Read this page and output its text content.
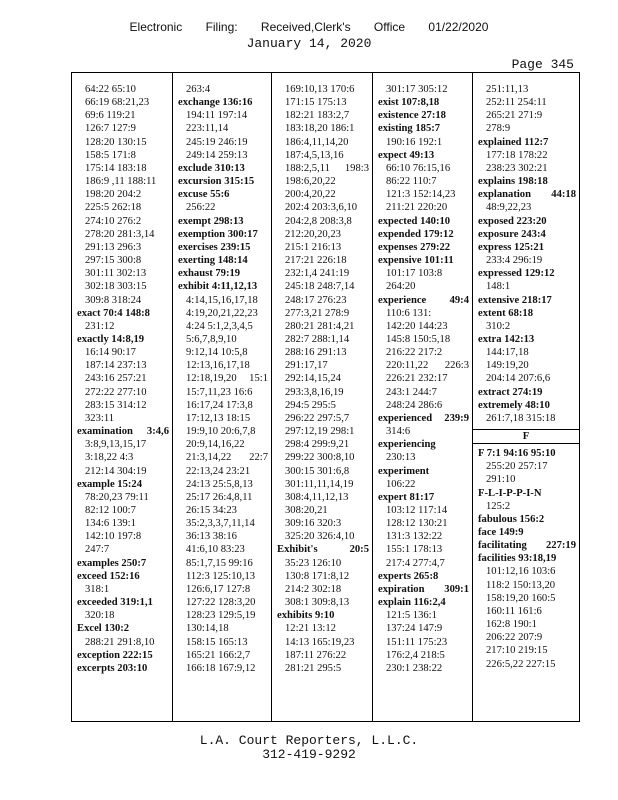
Electronic Filing: Received,Clerk's Office 01/22/2020
January 14, 2020
Page 345
64:22 65:10
66:19 68:21,23
69:6 119:21
126:7 127:9
128:20 130:15
158:5 171:8
175:14 183:18
186:9 ,11 188:11
198:20 204:2
225:5 262:18
274:10 276:2
278:20 281:3,14
291:13 296:3
297:15 300:8
301:11 302:13
302:18 303:15
309:8 318:24
exact 70:4 148:8
231:12
exactly 14:8,19
16:14 90:17
187:14 237:13
243:16 257:21
272:22 277:10
283:15 314:12
323:11
examination	3:4,6
3:8,9,13,15,17
3:18,22 4:3
212:14 304:19
example 15:24
78:20,23 79:11
82:12 100:7
134:6 139:1
142:10 197:8
247:7
examples 250:7
exceed 152:16
318:1
exceeded 319:1,1
320:18
Excel 130:2
288:21 291:8,10
exception 222:15
excerpts 203:10
263:4
exchange 136:16
194:11 197:14
223:11,14
245:19 246:19
249:14 259:13
exclude 310:13
excursion 315:15
excuse 55:6
256:22
exempt 298:13
exemption 300:17
exercises 239:15
exerting 148:14
exhaust 79:19
exhibit 4:11,12,13
4:14,15,16,17,18
4:19,20,21,22,23
4:24 5:1,2,3,4,5
5:6,7,8,9,10
9:12,14 10:5,8
12:13,16,17,18
12:18,19,20	15:1
15:7,11,23 16:6
16:17,24 17:3,8
17:12,13 18:15
19:9,10 20:6,7,8
20:9,14,16,22
21:3,14,22	22:7
22:13,24 23:21
24:13 25:5,8,13
25:17 26:4,8,11
26:15 34:23
35:2,3,3,7,11,14
36:13 38:16
41:6,10 83:23
85:1,7,15 99:16
112:3 125:10,13
126:6,17 127:8
127:22 128:3,20
128:23 129:5,19
130:14,18
158:15 165:13
165:21 166:2,7
166:18 167:9,12
169:10,13 170:6
171:15 175:13
182:21 183:2,7
183:18,20 186:1
186:4,11,14,20
187:4,5,13,16
188:2,5,11	198:3
198:6,20,22
200:4,20,22
202:4 203:3,6,10
204:2,8 208:3,8
212:20,20,23
215:1 216:13
217:21 226:18
232:1,4 241:19
245:18 248:7,14
248:17 276:23
277:3,21 278:9
280:21 281:4,21
282:7 288:1,14
288:16 291:13
291:17,17
292:14,15,24
293:3,8,16,19
294:5 295:5
296:22 297:5,7
297:12,19 298:1
298:4 299:9,21
299:22 300:8,10
300:15 301:6,8
301:11,11,14,19
308:4,11,12,13
308:20,21
309:16 320:3
325:20 326:4,10
Exhibit's	20:5
35:23 126:10
130:8 171:8,12
214:2 302:18
308:1 309:8,13
exhibits 9:10
12:21 13:12
14:13 165:19,23
187:11 276:22
281:21 295:5
301:17 305:12
exist 107:8,18
existence 27:18
existing 185:7
190:16 192:1
expect 49:13
66:10 76:15,16
86:22 110:7
121:3 152:14,23
211:21 220:20
expected 140:10
expended 179:12
expenses 279:22
expensive 101:11
101:17 103:8
264:20
experience	49:4
110:6 131:
142:20 144:23
145:8 150:5,18
216:22 217:2
220:11,22	226:3
226:21 232:17
243:1 244:7
248:24 286:6
experienced	239:9
314:6
experiencing
230:13
experiment
106:22
expert 81:17
103:12 117:14
128:12 130:21
131:3 132:22
155:1 178:13
217:4 277:4,7
experts 265:8
expiration	309:1
explain 116:2,4
121:5 136:1
137:24 147:9
151:11 175:23
176:2,4 218:5
230:1 238:22
251:11,13
252:11 254:11
265:21 271:9
278:9
explained 112:7
177:18 178:22
238:23 302:21
explains 198:18
explanation	44:18
48:9,22,23
exposed 223:20
exposure 243:4
express 125:21
233:4 296:19
expressed 129:12
148:1
extensive 218:17
extent 68:18
310:2
extra 142:13
144:17,18
149:19,20
204:14 207:6,6
extract 274:19
extremely 48:10
261:7,18 315:18
F
F 7:1 94:16 95:10
255:20 257:17
291:10
F-L-I-P-P-I-N
125:2
fabulous 156:2
face 149:9
facilitating	227:19
facilities 93:18,19
101:12,16 103:6
118:2 150:13,20
158:19,20 160:5
160:11 161:6
162:8 190:1
206:22 207:9
217:10 219:15
226:5,22 227:15
L.A. Court Reporters, L.L.C.
312-419-9292
